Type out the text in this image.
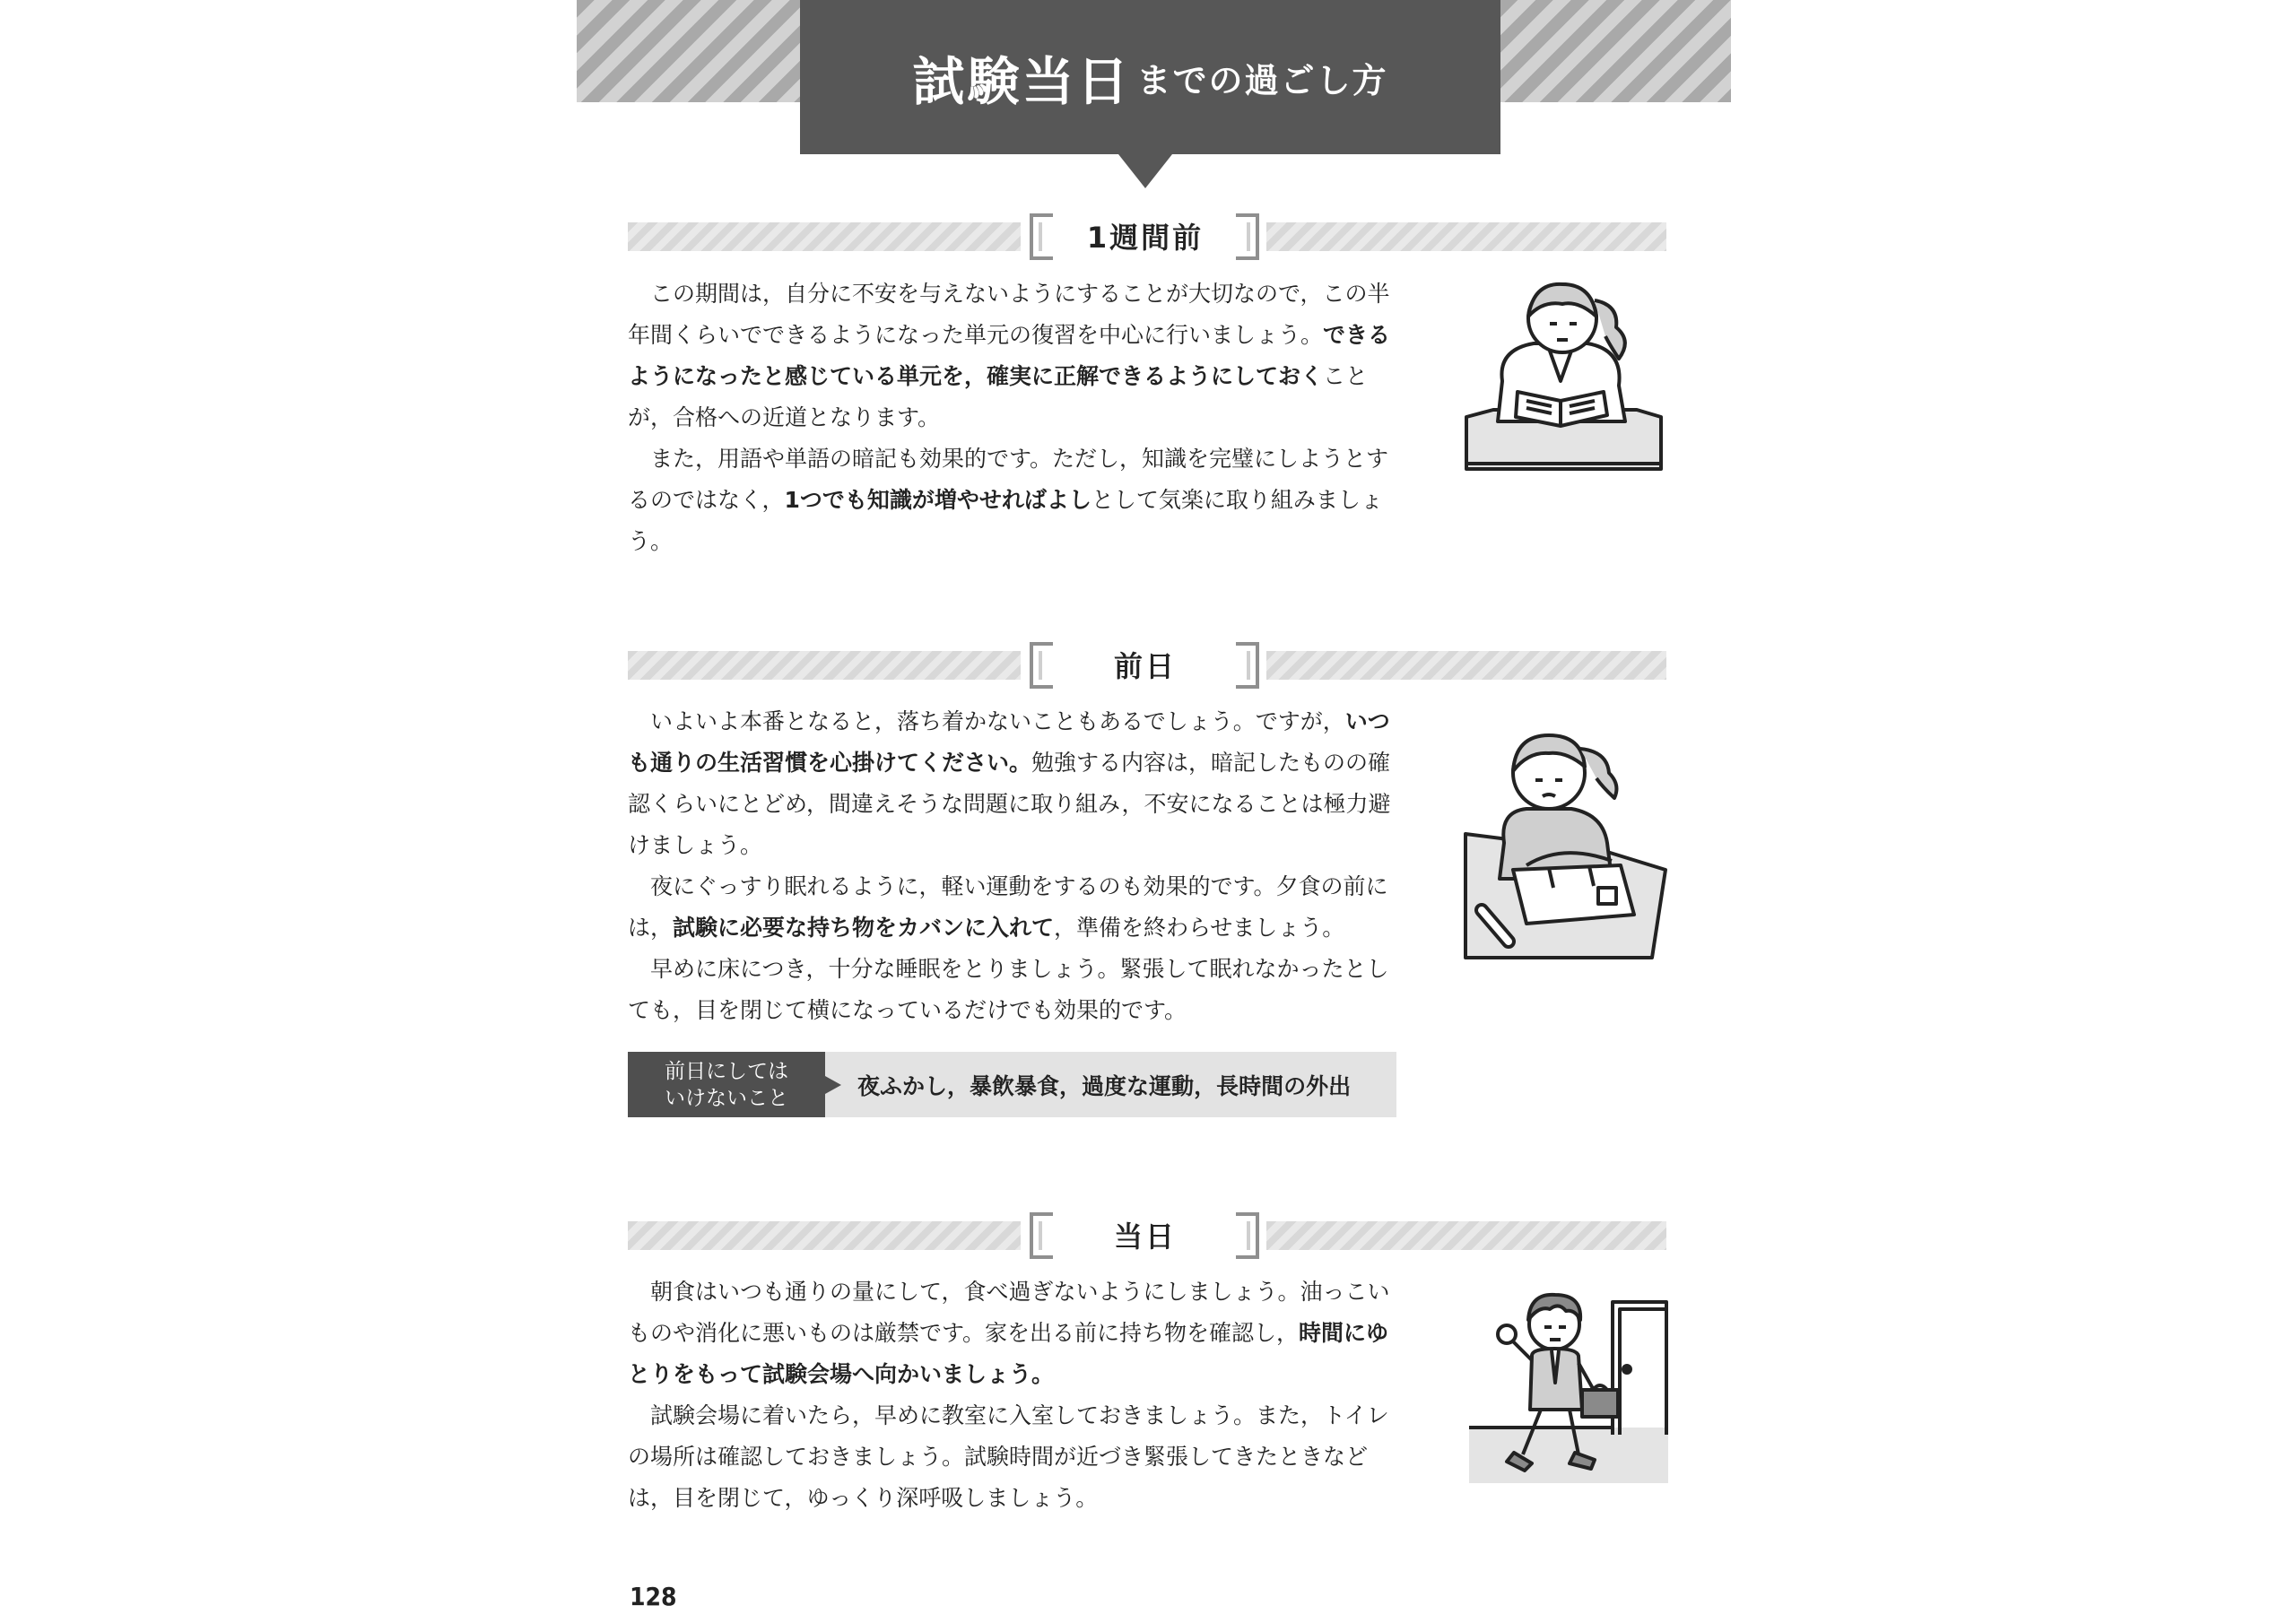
試験当日 までの過ごし方
1週間前

この期間は，自分に不安を与えないようにすることが大切なので，この半年間くらいでできるようになった単元の復習を中心に行いましょう。できるようになったと感じている単元を，確実に正解できるようにしておくことが，合格への近道となります。

また，用語や単語の暗記も効果的です。ただし，知識を完璧にしようとするのではなく，1つでも知識が増やせればよしとして気楽に取り組みましょう。

前日

いよいよ本番となると，落ち着かないこともあるでしょう。ですが，いつも通りの生活習慣を心掛けてください。勉強する内容は，暗記したものの確認くらいにとどめ，間違えそうな問題に取り組み，不安になることは極力避けましょう。

夜にぐっすり眠れるように，軽い運動をするのも効果的です。夕食の前には，試験に必要な持ち物をカバンに入れて，準備を終わらせましょう。

早めに床につき，十分な睡眠をとりましょう。緊張して眠れなかったとしても，目を閉じて横になっているだけでも効果的です。

前日にしては
いけないこと	夜ふかし， 暴飲暴食 ， 過度な運動 ， 長時間の外出
当日

朝食はいつも通りの量にして，食べ過ぎないようにしましょう。油っこいものや消化に悪いものは厳禁です。家を出る前に持ち物を確認し，時間にゆとりをもって試験会場へ向かいましょう。

試験会場に着いたら，早めに教室に入室しておきましょう。また，トイレの場所は確認しておきましょう。試験時間が近づき緊張してきたときなどは，目を閉じて，ゆっくり深呼吸しましょう。

128
